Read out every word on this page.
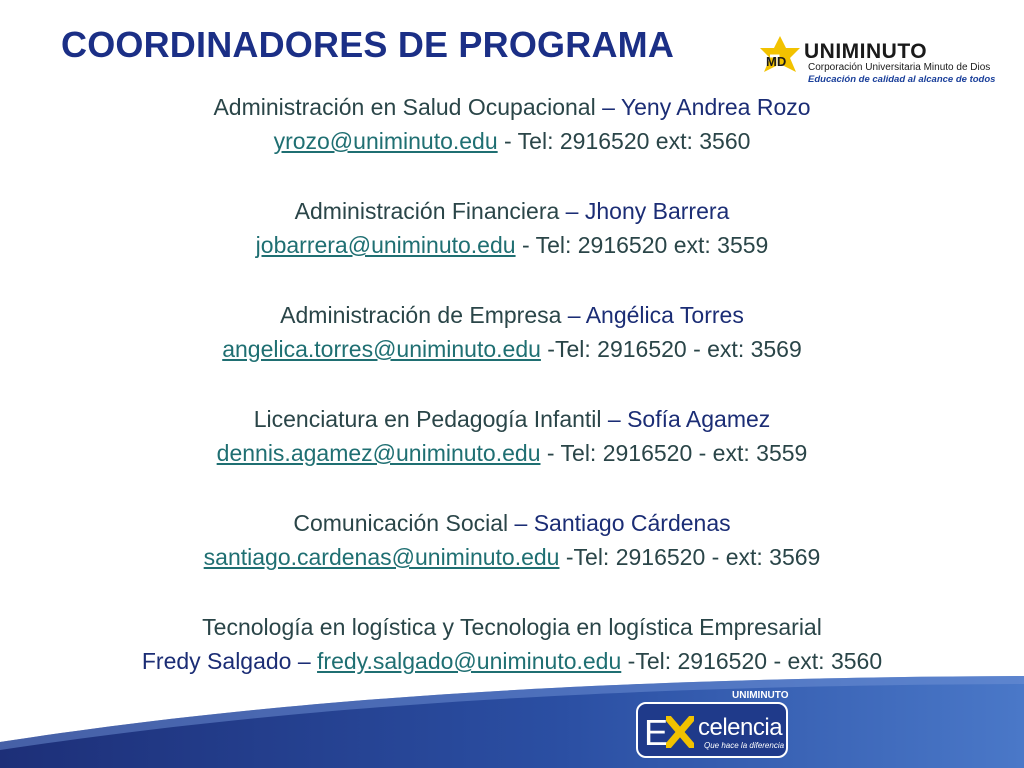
COORDINADORES DE PROGRAMA	MD UNIMINUTO
Corporación Universitaria Minuto de Dios
Educación de calidad al alcance de todos
Administración en Salud Ocupacional – Yeny Andrea Rozo
yrozo@uniminuto.edu - Tel: 2916520 ext: 3560
Administración Financiera – Jhony Barrera
jobarrera@uniminuto.edu - Tel: 2916520 ext: 3559
Administración de Empresa – Angélica Torres
angelica.torres@uniminuto.edu -Tel: 2916520 - ext: 3569
Licenciatura en Pedagogía Infantil – Sofía Agamez
dennis.agamez@uniminuto.edu - Tel: 2916520 - ext: 3559
Comunicación Social – Santiago Cárdenas
santiago.cardenas@uniminuto.edu -Tel: 2916520 - ext: 3569
Tecnología en logística y Tecnologia en logística Empresarial
Fredy Salgado – fredy.salgado@uniminuto.edu -Tel: 2916520 - ext: 3560
UNIMINUTO
E celencia
Que hace la diferencia
